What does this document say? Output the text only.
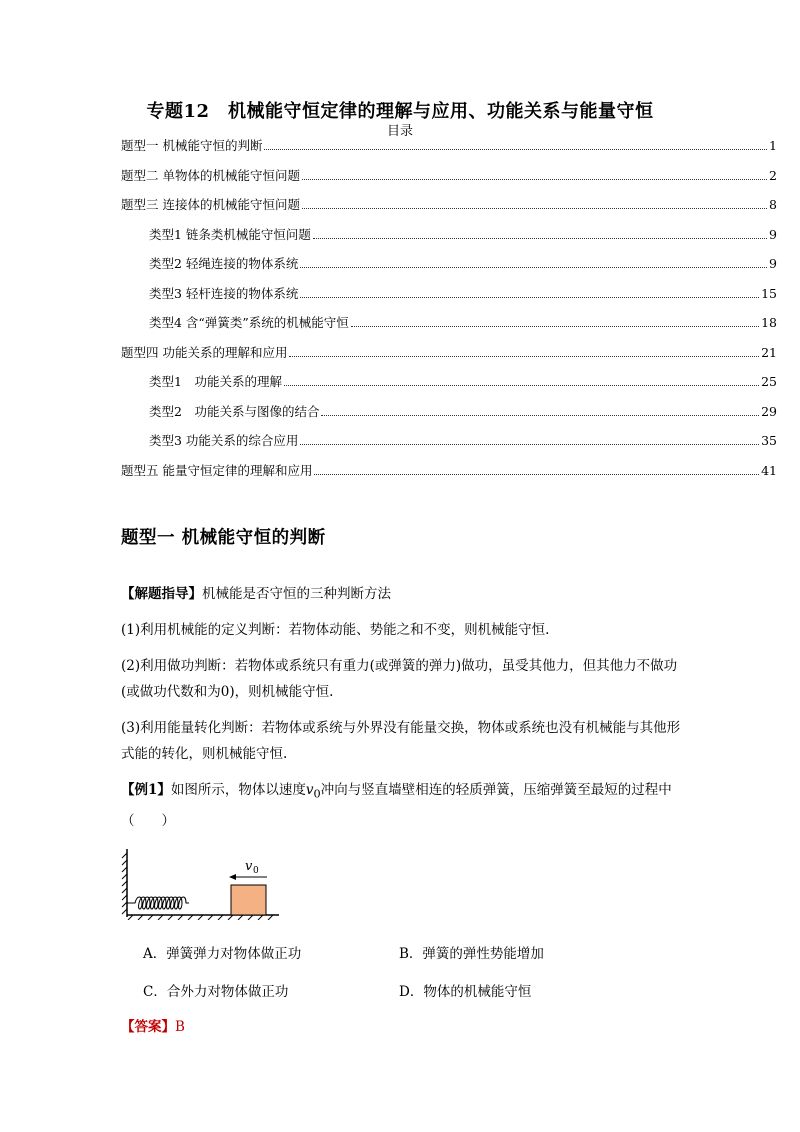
专题12　机械能守恒定律的理解与应用、功能关系与能量守恒
目录
题型一 机械能守恒的判断	1
题型二 单物体的机械能守恒问题	2
题型三 连接体的机械能守恒问题	8
类型1 链条类机械能守恒问题	9
类型2 轻绳连接的物体系统	9
类型3 轻杆连接的物体系统	15
类型4 含“弹簧类”系统的机械能守恒	18
题型四 功能关系的理解和应用	21
类型1　功能关系的理解	25
类型2　功能关系与图像的结合	29
类型3 功能关系的综合应用	35
题型五 能量守恒定律的理解和应用	41
题型一 机械能守恒的判断
【解题指导】机械能是否守恒的三种判断方法
(1)利用机械能的定义判断：若物体动能、势能之和不变，则机械能守恒.
(2)利用做功判断：若物体或系统只有重力(或弹簧的弹力)做功，虽受其他力，但其他力不做功(或做功代数和为0)，则机械能守恒.
(3)利用能量转化判断：若物体或系统与外界没有能量交换，物体或系统也没有机械能与其他形式能的转化，则机械能守恒.
【例1】如图所示，物体以速度$v_0$冲向与竖直墙壁相连的轻质弹簧，压缩弹簧至最短的过程中（　　）
v 0
A．弹簧弹力对物体做正功	B．弹簧的弹性势能增加
C．合外力对物体做正功	D．物体的机械能守恒
【答案】B
